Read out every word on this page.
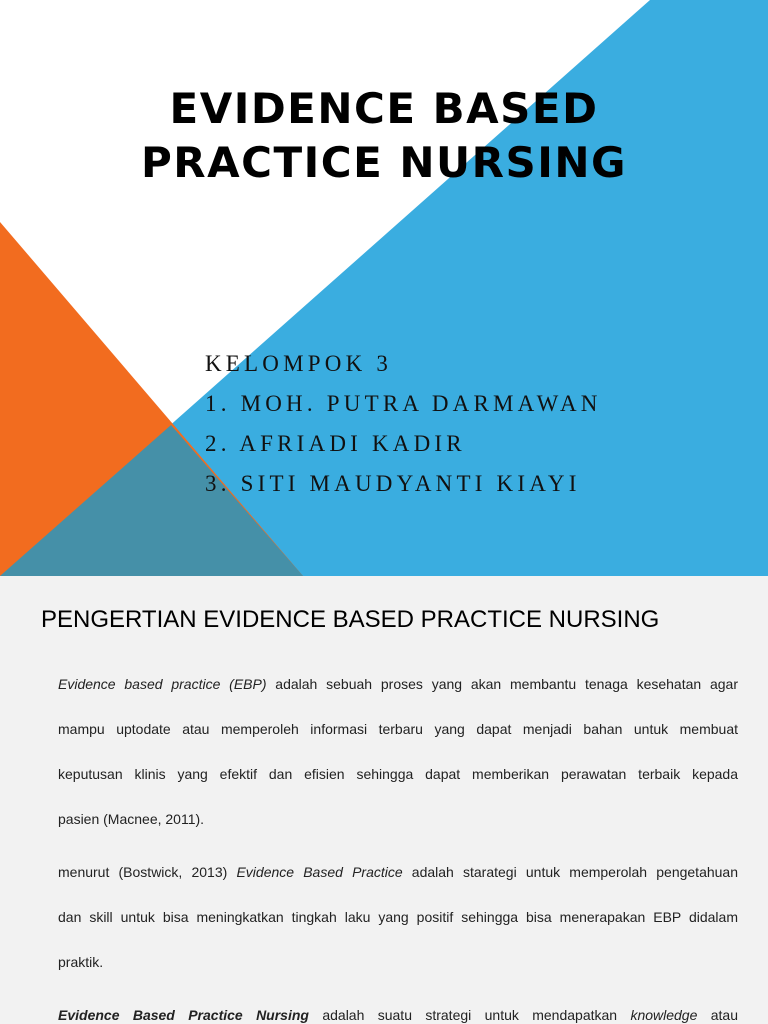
EVIDENCE BASED
PRACTICE NURSING
KELOMPOK 3
1. MOH. PUTRA DARMAWAN
2. AFRIADI KADIR
3. SITI MAUDYANTI KIAYI
PENGERTIAN EVIDENCE BASED PRACTICE NURSING
Evidence based practice (EBP) adalah sebuah proses yang akan membantu tenaga kesehatan agar
mampu uptodate atau memperoleh informasi terbaru yang dapat menjadi bahan untuk membuat
keputusan klinis yang efektif dan efisien sehingga dapat memberikan perawatan terbaik kepada
pasien (Macnee, 2011).
menurut (Bostwick, 2013) Evidence Based Practice adalah starategi untuk memperolah pengetahuan
dan skill untuk bisa meningkatkan tingkah laku yang positif sehingga bisa menerapakan EBP didalam
praktik.
Evidence Based Practice Nursing adalah suatu strategi untuk mendapatkan knowledge atau
